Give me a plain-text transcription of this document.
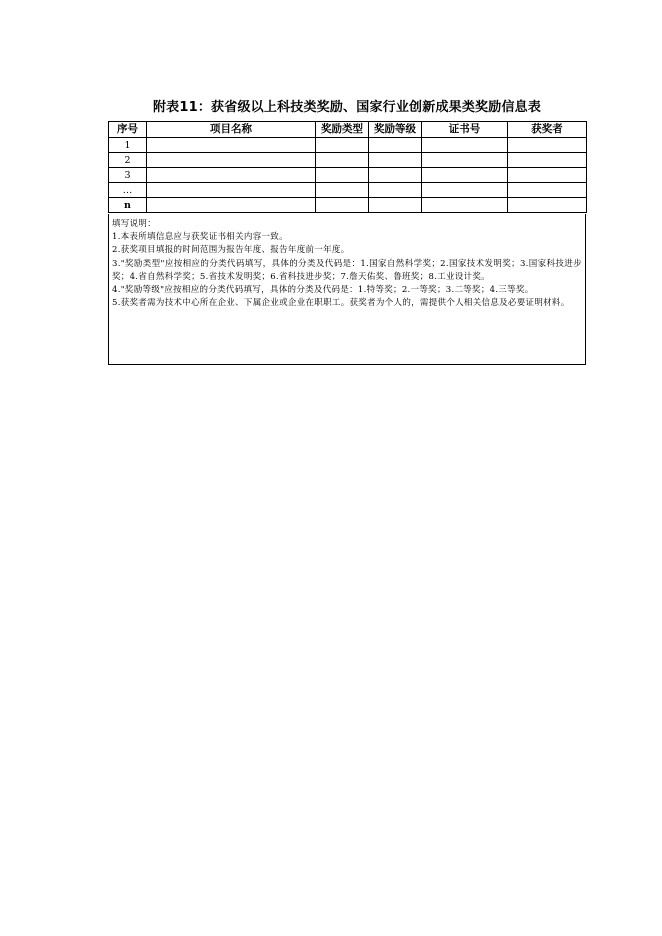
附表11：获省级以上科技类奖励、国家行业创新成果类奖励信息表
序号	项目名称	奖励类型	奖励等级	证书号	获奖者
1					
2					
3					
…					
n					

填写说明：

1.本表所填信息应与获奖证书相关内容一致。

2.获奖项目填报的时间范围为报告年度、报告年度前一年度。

3."奖励类型"应按相应的分类代码填写，具体的分类及代码是：1.国家自然科学奖；2.国家技术发明奖；3.国家科技进步奖；4.省自然科学奖；5.省技术发明奖；6.省科技进步奖；7.詹天佑奖、鲁班奖；8.工业设计奖。

4."奖励等级"应按相应的分类代码填写，具体的分类及代码是：1.特等奖；2.一等奖；3.二等奖；4.三等奖。

5.获奖者需为技术中心所在企业、下属企业或企业在职职工。获奖者为个人的，需提供个人相关信息及必要证明材料。
